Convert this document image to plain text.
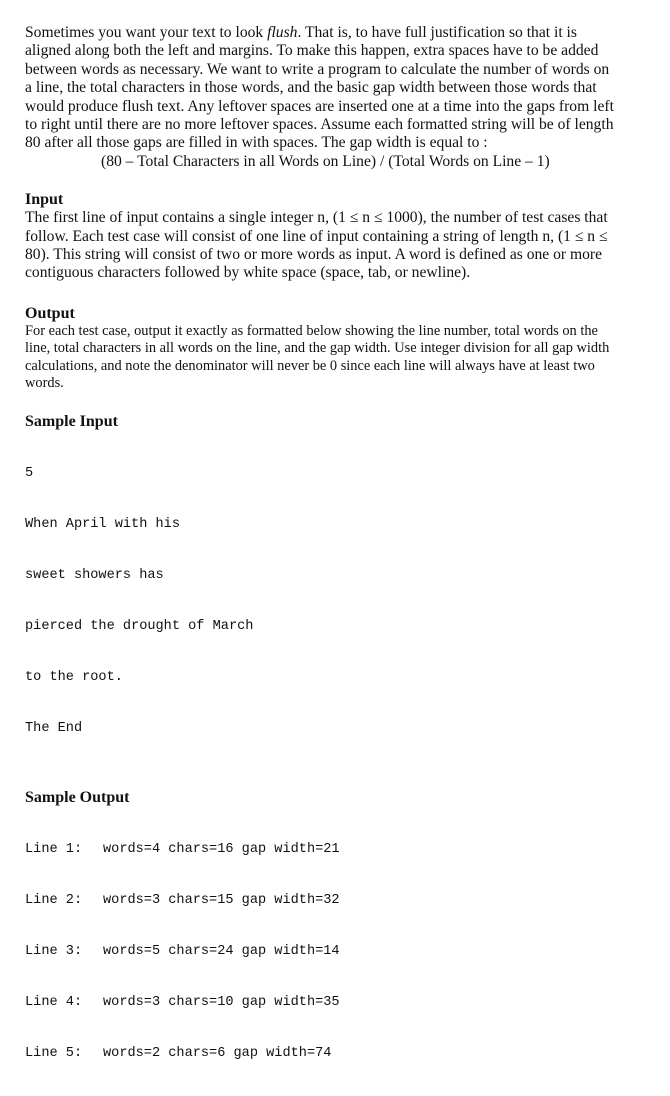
Sometimes you want your text to look flush. That is, to have full justification so that it is
aligned along both the left and margins. To make this happen, extra spaces have to be added
between words as necessary. We want to write a program to calculate the number of words on
a line, the total characters in those words, and the basic gap width between those words that
would produce flush text. Any leftover spaces are inserted one at a time into the gaps from left
to right until there are no more leftover spaces. Assume each formatted string will be of length
80 after all those gaps are filled in with spaces. The gap width is equal to :
(80 – Total Characters in all Words on Line) / (Total Words on Line – 1)
Input
The first line of input contains a single integer n, (1 ≤ n ≤ 1000), the number of test cases that
follow. Each test case will consist of one line of input containing a string of length n, (1 ≤ n ≤
80). This string will consist of two or more words as input. A word is defined as one or more
contiguous characters followed by white space (space, tab, or newline).
Output
For each test case, output it exactly as formatted below showing the line number, total words on the
line, total characters in all words on the line, and the gap width. Use integer division for all gap width
calculations, and note the denominator will never be 0 since each line will always have at least two
words.
Sample Input

5

When April with his

sweet showers has

pierced the drought of March

to the root.

The End

Sample Output

Line 1: words=4 chars=16 gap width=21

Line 2: words=3 chars=15 gap width=32

Line 3: words=5 chars=24 gap width=14

Line 4: words=3 chars=10 gap width=35

Line 5: words=2 chars=6 gap width=74
